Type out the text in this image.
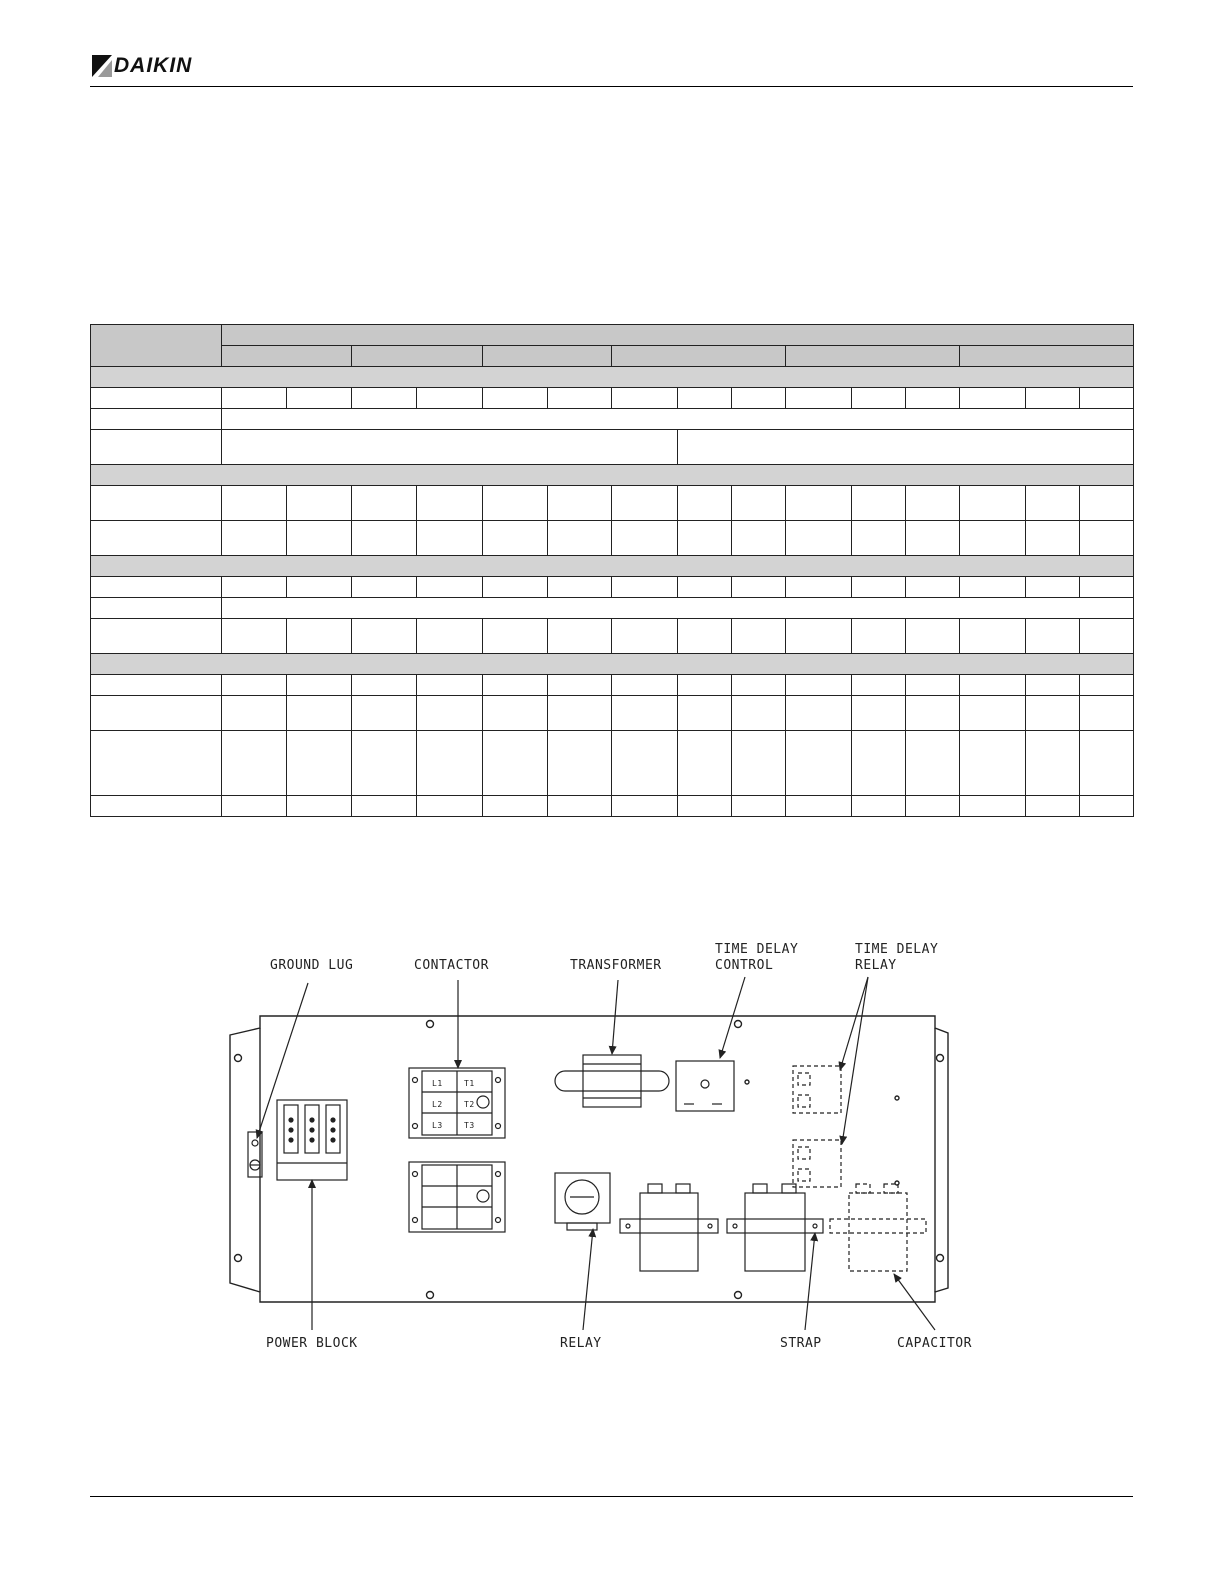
DAIKIN

GROUND LUG	CONTACTOR	TRANSFORMER
TIME DELAY
CONTROL
TIME DELAY
RELAY
POWER BLOCK	RELAY	STRAP	CAPACITOR
L1
L2
L3
T1
T2
T3
